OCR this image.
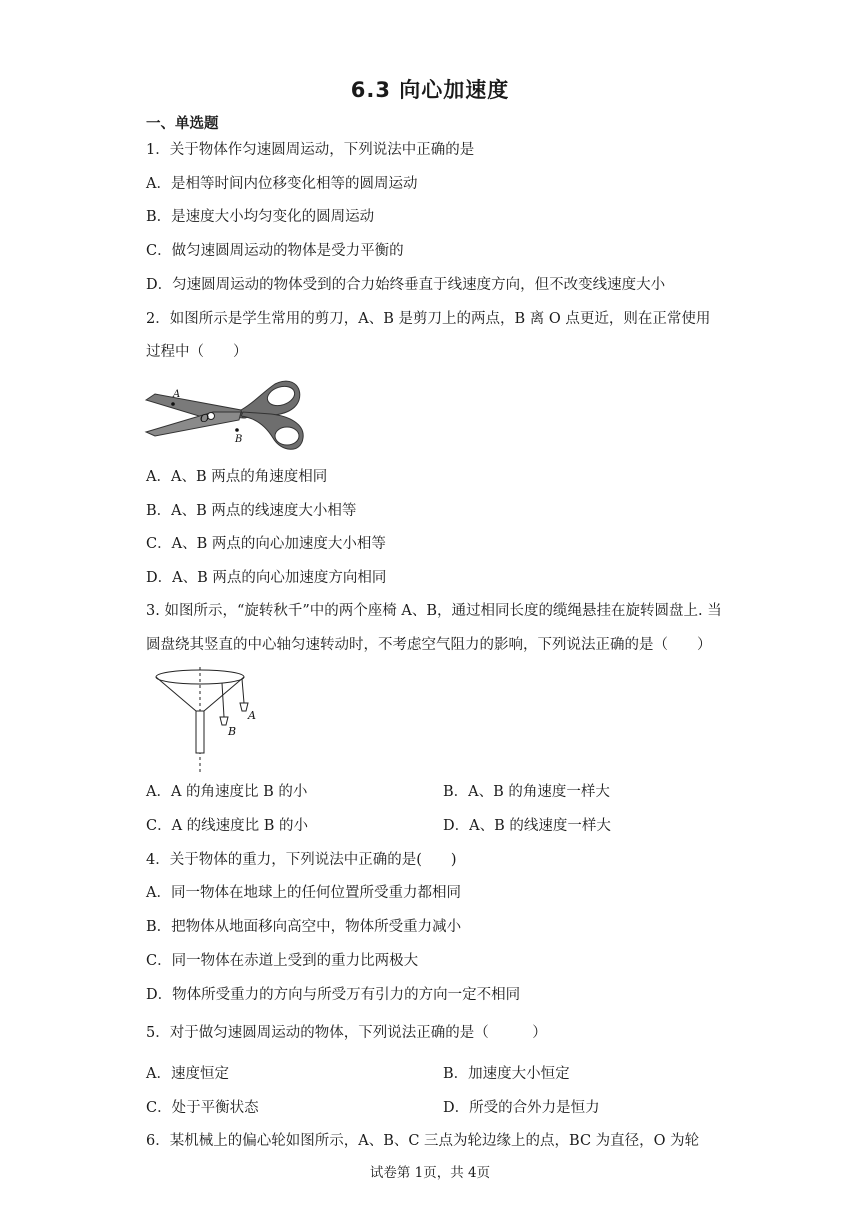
6.3 向心加速度
一、单选题
1．关于物体作匀速圆周运动，下列说法中正确的是
A．是相等时间内位移变化相等的圆周运动
B．是速度大小均匀变化的圆周运动
C．做匀速圆周运动的物体是受力平衡的
D．匀速圆周运动的物体受到的合力始终垂直于线速度方向，但不改变线速度大小
2．如图所示是学生常用的剪刀，A、B 是剪刀上的两点，B 离 O 点更近，则在正常使用
过程中（　　）
A
O
B
A．A、B 两点的角速度相同
B．A、B 两点的线速度大小相等
C．A、B 两点的向心加速度大小相等
D．A、B 两点的向心加速度方向相同
3. 如图所示，“旋转秋千”中的两个座椅 A、B，通过相同长度的缆绳悬挂在旋转圆盘上. 当
圆盘绕其竖直的中心轴匀速转动时，不考虑空气阻力的影响，下列说法正确的是（　　）
A
B
A．A 的角速度比 B 的小	B．A、B 的角速度一样大
C．A 的线速度比 B 的小	D．A、B 的线速度一样大
4．关于物体的重力，下列说法中正确的是(　　)
A．同一物体在地球上的任何位置所受重力都相同
B．把物体从地面移向高空中，物体所受重力减小
C．同一物体在赤道上受到的重力比两极大
D．物体所受重力的方向与所受万有引力的方向一定不相同
5．对于做匀速圆周运动的物体，下列说法正确的是（　　　）
A．速度恒定	B．加速度大小恒定
C．处于平衡状态	D．所受的合外力是恒力
6．某机械上的偏心轮如图所示，A、B、C 三点为轮边缘上的点，BC 为直径，O 为轮
试卷第 1页，共 4页
